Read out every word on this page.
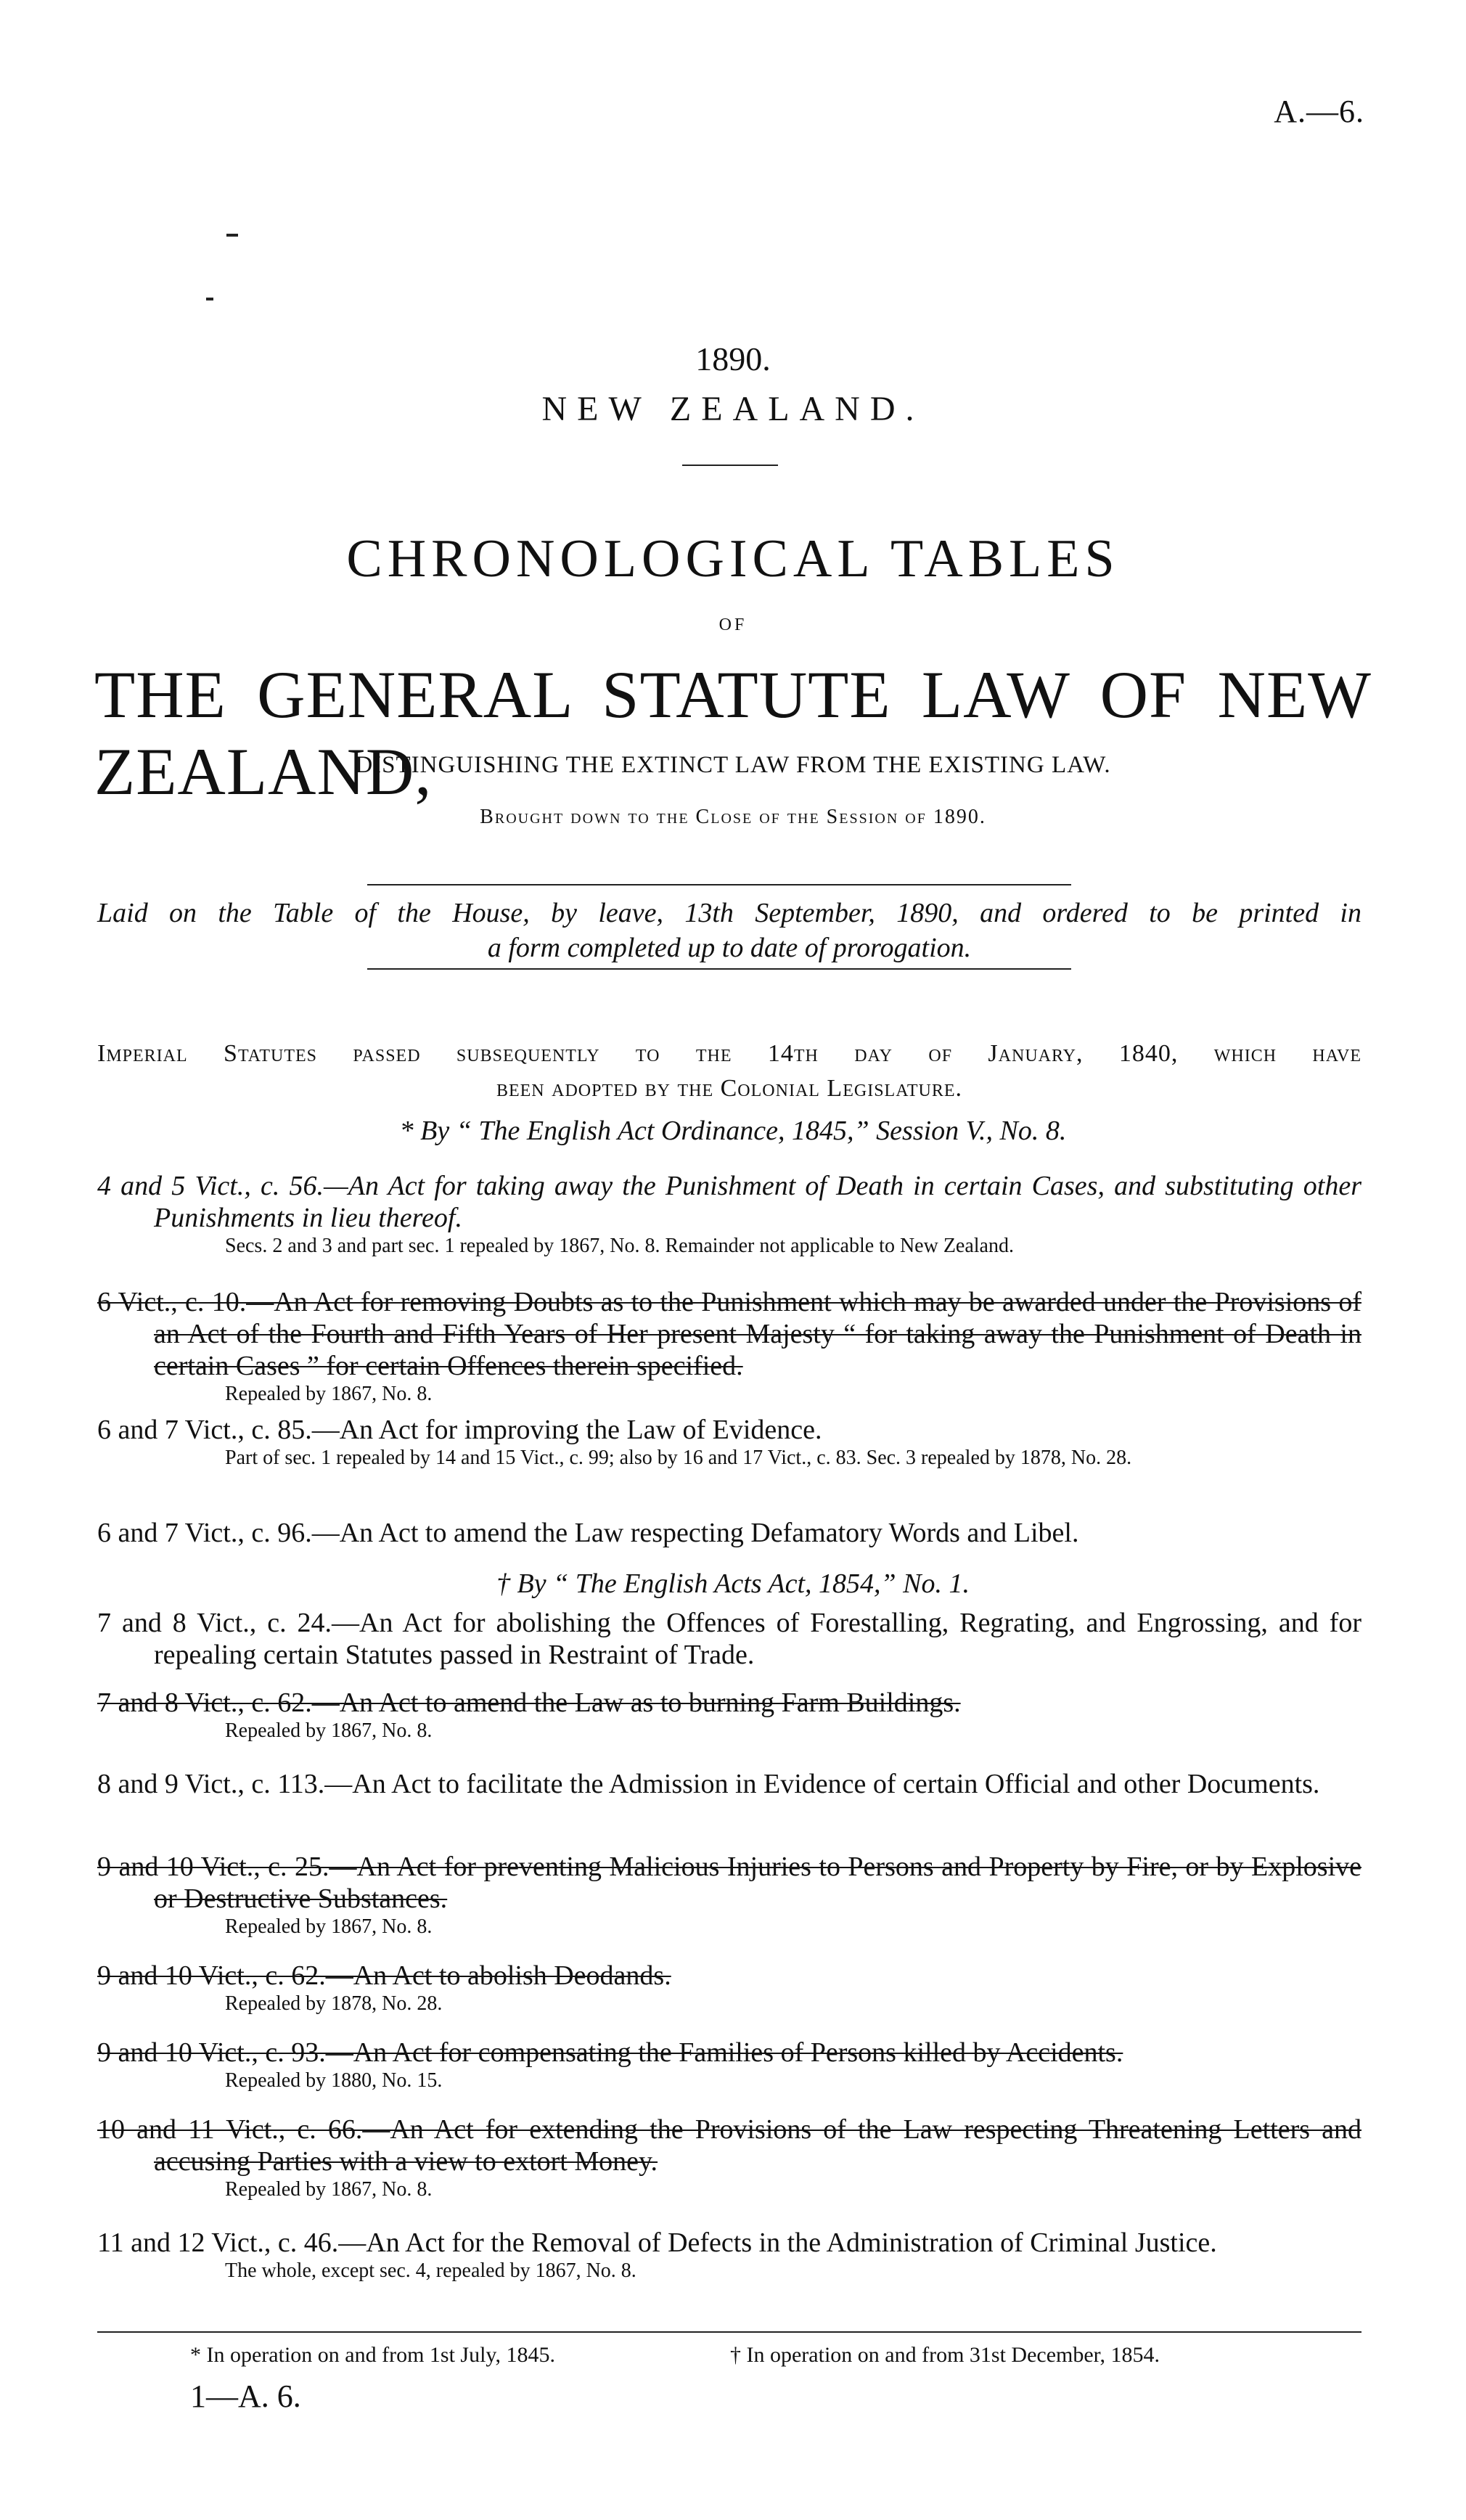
A.—6.
1890.
NEW ZEALAND.
CHRONOLOGICAL TABLES
OF
THE GENERAL STATUTE LAW OF NEW ZEALAND,
DISTINGUISHING THE EXTINCT LAW FROM THE EXISTING LAW.
Brought down to the Close of the Session of 1890.
Laid on the Table of the House, by leave, 13th September, 1890, and ordered to be printed in
a form completed up to date of prorogation.
Imperial Statutes passed subsequently to the 14th day of January, 1840, which have
been adopted by the Colonial Legislature.
* By “ The English Act Ordinance, 1845,” Session V., No. 8.
4 and 5 Vict., c. 56.—An Act for taking away the Punishment of Death in certain Cases, and substituting other Punishments in lieu thereof.
Secs. 2 and 3 and part sec. 1 repealed by 1867, No. 8. Remainder not applicable to New Zealand.
6 Vict., c. 10.—An Act for removing Doubts as to the Punishment which may be awarded under the Provisions of an Act of the Fourth and Fifth Years of Her present Majesty “ for taking away the Punishment of Death in certain Cases ” for certain Offences therein specified.
Repealed by 1867, No. 8.
6 and 7 Vict., c. 85.—An Act for improving the Law of Evidence.
Part of sec. 1 repealed by 14 and 15 Vict., c. 99; also by 16 and 17 Vict., c. 83. Sec. 3 repealed by 1878, No. 28.
6 and 7 Vict., c. 96.—An Act to amend the Law respecting Defamatory Words and Libel.
† By “ The English Acts Act, 1854,” No. 1.
7 and 8 Vict., c. 24.—An Act for abolishing the Offences of Forestalling, Regrating, and Engrossing, and for repealing certain Statutes passed in Restraint of Trade.
7 and 8 Vict., c. 62.—An Act to amend the Law as to burning Farm Buildings.
Repealed by 1867, No. 8.
8 and 9 Vict., c. 113.—An Act to facilitate the Admission in Evidence of certain Official and other Documents.
9 and 10 Vict., c. 25.—An Act for preventing Malicious Injuries to Persons and Property by Fire, or by Explosive or Destructive Substances.
Repealed by 1867, No. 8.
9 and 10 Vict., c. 62.—An Act to abolish Deodands.
Repealed by 1878, No. 28.
9 and 10 Vict., c. 93.—An Act for compensating the Families of Persons killed by Accidents.
Repealed by 1880, No. 15.
10 and 11 Vict., c. 66.—An Act for extending the Provisions of the Law respecting Threatening Letters and accusing Parties with a view to extort Money.
Repealed by 1867, No. 8.
11 and 12 Vict., c. 46.—An Act for the Removal of Defects in the Administration of Criminal Justice.
The whole, except sec. 4, repealed by 1867, No. 8.
* In operation on and from 1st July, 1845.	† In operation on and from 31st December, 1854.
1—A. 6.
